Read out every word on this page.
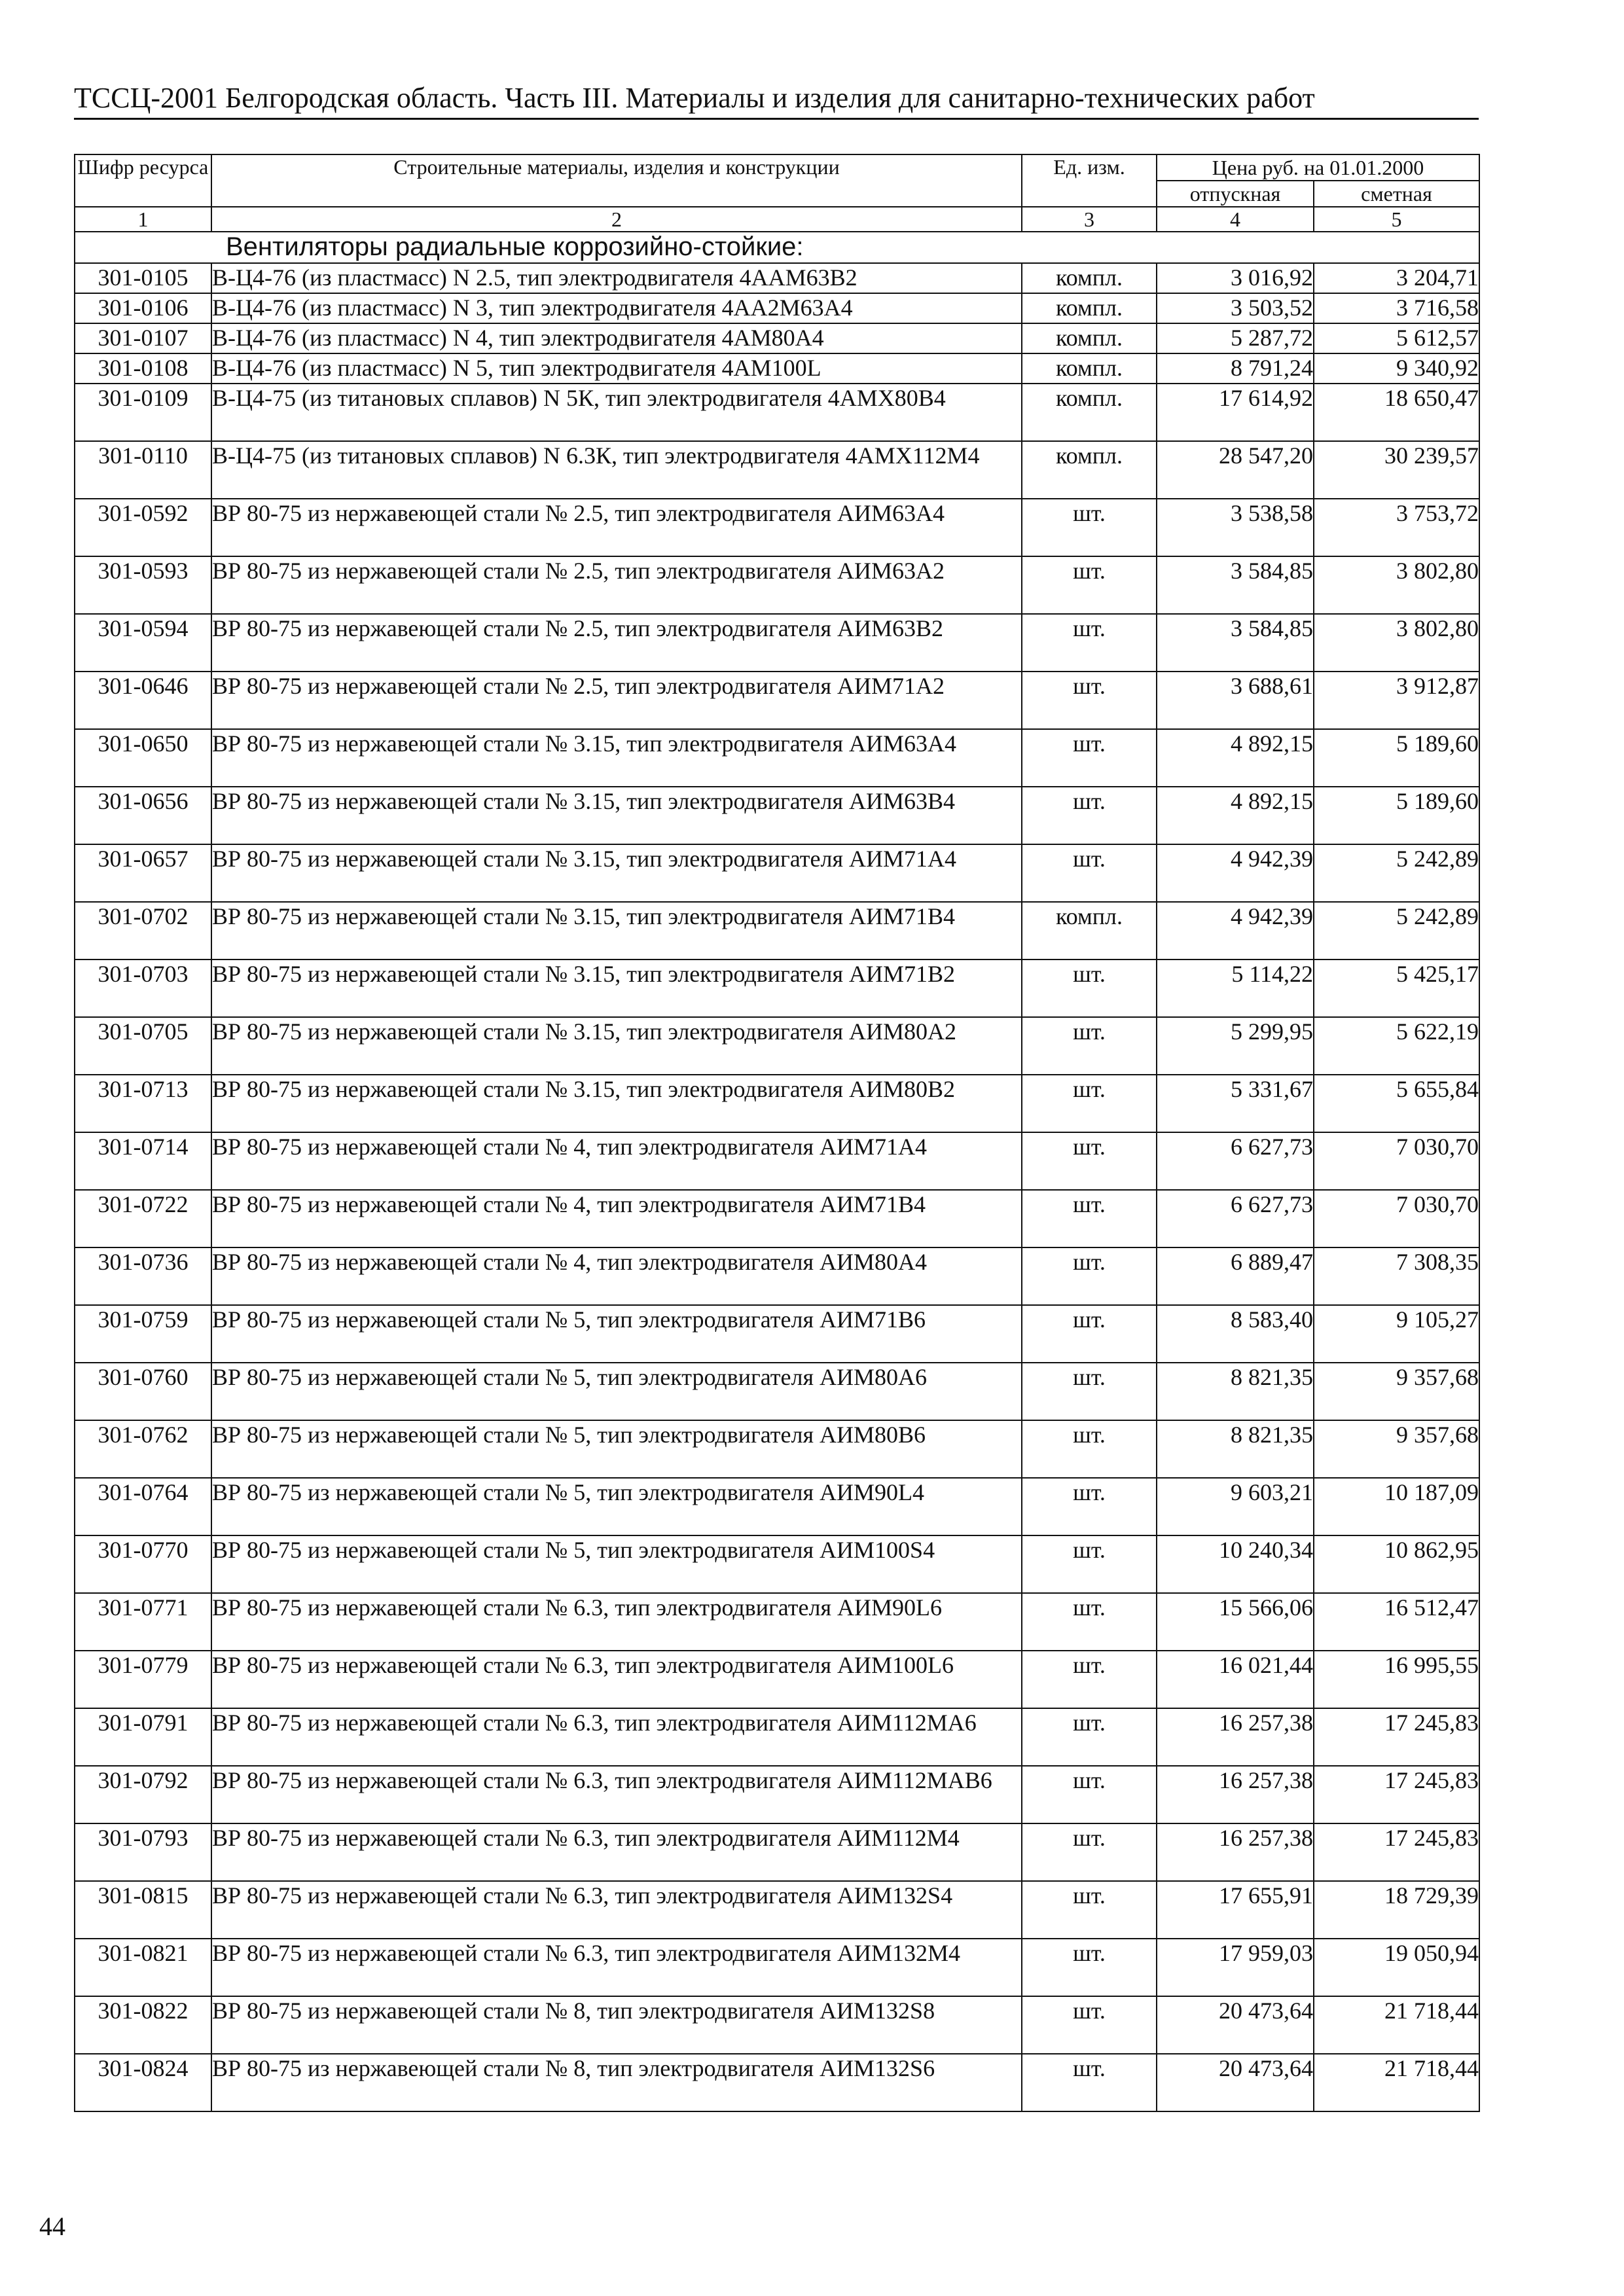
ТССЦ-2001 Белгородская область. Часть III. Материалы и изделия для санитарно-технических работ
Шифр ресурса	Строительные материалы, изделия и конструкции	Ед. изм.	Цена руб. на 01.01.2000	
			отпускная	сметная
1	2	3	4	5
Вентиляторы радиальные коррозийно-стойкие:				
301-0105	В-Ц4-76 (из пластмасс) N 2.5, тип электродвигателя 4ААМ63В2	компл.	3 016,92	3 204,71
301-0106	В-Ц4-76 (из пластмасс) N 3, тип электродвигателя 4АА2М63А4	компл.	3 503,52	3 716,58
301-0107	В-Ц4-76 (из пластмасс) N 4, тип электродвигателя 4АМ80А4	компл.	5 287,72	5 612,57
301-0108	В-Ц4-76 (из пластмасс) N 5, тип электродвигателя 4АМ100L	компл.	8 791,24	9 340,92
301-0109	В-Ц4-75 (из титановых сплавов) N 5К, тип электродвигателя 4АМХ80В4	компл.	17 614,92	18 650,47
301-0110	В-Ц4-75 (из титановых сплавов) N 6.3К, тип электродвигателя 4АМХ112М4	компл.	28 547,20	30 239,57
301-0592	ВР 80-75 из нержавеющей стали № 2.5, тип электродвигателя АИМ63А4	шт.	3 538,58	3 753,72
301-0593	ВР 80-75 из нержавеющей стали № 2.5, тип электродвигателя АИМ63А2	шт.	3 584,85	3 802,80
301-0594	ВР 80-75 из нержавеющей стали № 2.5, тип электродвигателя АИМ63В2	шт.	3 584,85	3 802,80
301-0646	ВР 80-75 из нержавеющей стали № 2.5, тип электродвигателя АИМ71А2	шт.	3 688,61	3 912,87
301-0650	ВР 80-75 из нержавеющей стали № 3.15, тип электродвигателя АИМ63А4	шт.	4 892,15	5 189,60
301-0656	ВР 80-75 из нержавеющей стали № 3.15, тип электродвигателя АИМ63В4	шт.	4 892,15	5 189,60
301-0657	ВР 80-75 из нержавеющей стали № 3.15, тип электродвигателя АИМ71А4	шт.	4 942,39	5 242,89
301-0702	ВР 80-75 из нержавеющей стали № 3.15, тип электродвигателя АИМ71В4	компл.	4 942,39	5 242,89
301-0703	ВР 80-75 из нержавеющей стали № 3.15, тип электродвигателя АИМ71В2	шт.	5 114,22	5 425,17
301-0705	ВР 80-75 из нержавеющей стали № 3.15, тип электродвигателя АИМ80А2	шт.	5 299,95	5 622,19
301-0713	ВР 80-75 из нержавеющей стали № 3.15, тип электродвигателя АИМ80В2	шт.	5 331,67	5 655,84
301-0714	ВР 80-75 из нержавеющей стали № 4, тип электродвигателя АИМ71А4	шт.	6 627,73	7 030,70
301-0722	ВР 80-75 из нержавеющей стали № 4, тип электродвигателя АИМ71В4	шт.	6 627,73	7 030,70
301-0736	ВР 80-75 из нержавеющей стали № 4, тип электродвигателя АИМ80А4	шт.	6 889,47	7 308,35
301-0759	ВР 80-75 из нержавеющей стали № 5, тип электродвигателя АИМ71В6	шт.	8 583,40	9 105,27
301-0760	ВР 80-75 из нержавеющей стали № 5, тип электродвигателя АИМ80А6	шт.	8 821,35	9 357,68
301-0762	ВР 80-75 из нержавеющей стали № 5, тип электродвигателя АИМ80В6	шт.	8 821,35	9 357,68
301-0764	ВР 80-75 из нержавеющей стали № 5, тип электродвигателя АИМ90L4	шт.	9 603,21	10 187,09
301-0770	ВР 80-75 из нержавеющей стали № 5, тип электродвигателя АИМ100S4	шт.	10 240,34	10 862,95
301-0771	ВР 80-75 из нержавеющей стали № 6.3, тип электродвигателя АИМ90L6	шт.	15 566,06	16 512,47
301-0779	ВР 80-75 из нержавеющей стали № 6.3, тип электродвигателя АИМ100L6	шт.	16 021,44	16 995,55
301-0791	ВР 80-75 из нержавеющей стали № 6.3, тип электродвигателя АИМ112МА6	шт.	16 257,38	17 245,83
301-0792	ВР 80-75 из нержавеющей стали № 6.3, тип электродвигателя АИМ112МАВ6	шт.	16 257,38	17 245,83
301-0793	ВР 80-75 из нержавеющей стали № 6.3, тип электродвигателя АИМ112М4	шт.	16 257,38	17 245,83
301-0815	ВР 80-75 из нержавеющей стали № 6.3, тип электродвигателя АИМ132S4	шт.	17 655,91	18 729,39
301-0821	ВР 80-75 из нержавеющей стали № 6.3, тип электродвигателя АИМ132М4	шт.	17 959,03	19 050,94
301-0822	ВР 80-75 из нержавеющей стали № 8, тип электродвигателя АИМ132S8	шт.	20 473,64	21 718,44
301-0824	ВР 80-75 из нержавеющей стали № 8, тип электродвигателя АИМ132S6	шт.	20 473,64	21 718,44
44
